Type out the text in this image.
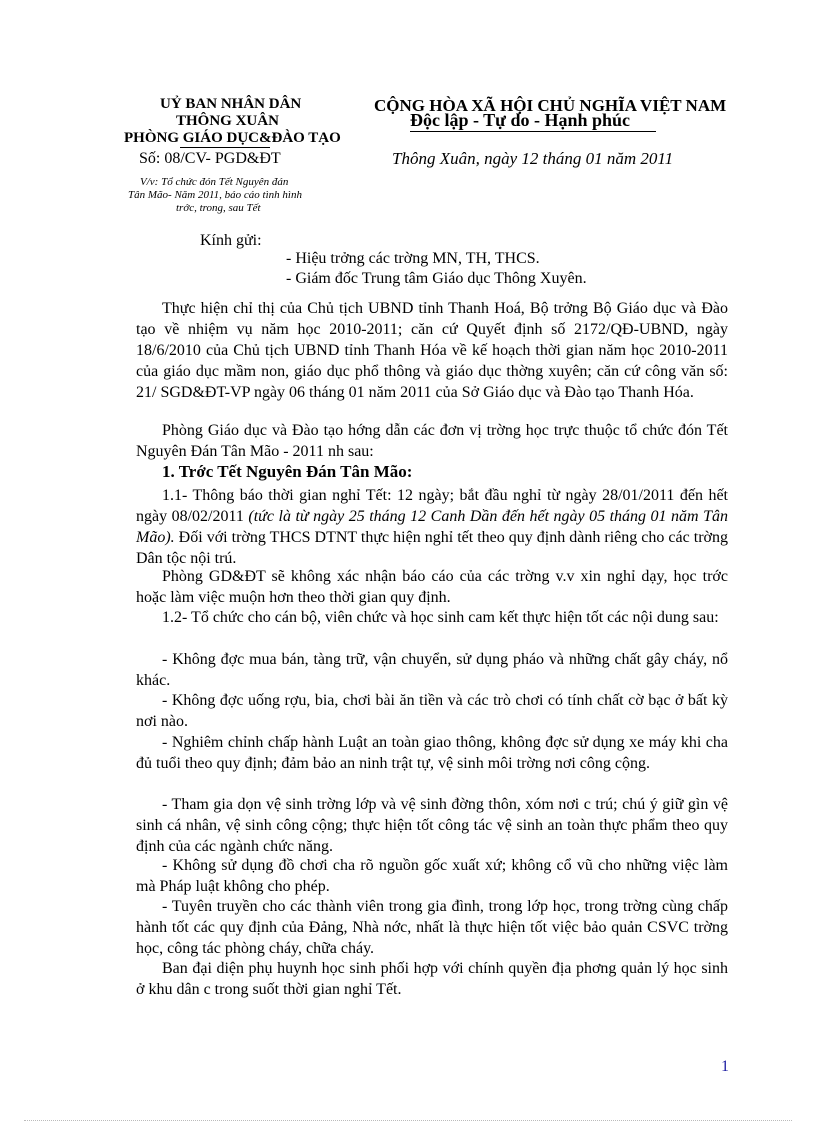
UỶ BAN NHÂN DÂN
THÔNG XUÂN
PHÒNG GIÁO DỤC&ĐÀO TẠO
Số: 08/CV- PGD&ĐT
V/v: Tổ chức đón Tết Nguyên đán
Tân Mão- Năm 2011, báo cáo tình hình
trớc, trong, sau Tết
CỘNG HÒA XÃ HỘI CHỦ NGHĨA VIỆT NAM
Độc lập - Tự do - Hạnh phúc
Thông Xuân, ngày 12 tháng 01 năm 2011
Kính gửi:
- Hiệu trởng các trờng MN, TH, THCS.
- Giám đốc Trung tâm Giáo dục Thông Xuyên.
Thực hiện chỉ thị của Chủ tịch UBND tỉnh Thanh Hoá, Bộ trởng Bộ Giáo dục và Đào tạo về nhiệm vụ năm học 2010-2011; căn cứ Quyết định số 2172/QĐ-UBND, ngày 18/6/2010 của Chủ tịch UBND tỉnh Thanh Hóa về kế hoạch thời gian năm học 2010-2011 của giáo dục mầm non, giáo dục phổ thông và giáo dục thờng xuyên; căn cứ công văn số: 21/ SGD&ĐT-VP ngày 06 tháng 01 năm 2011 của Sở Giáo dục và Đào tạo Thanh Hóa.
Phòng Giáo dục và Đào tạo hớng dẫn các đơn vị trờng học trực thuộc tổ chức đón Tết Nguyên Đán Tân Mão - 2011 nh sau:
1. Trớc Tết Nguyên Đán Tân Mão:
1.1- Thông báo thời gian nghỉ Tết: 12 ngày; bắt đầu nghỉ từ ngày 28/01/2011 đến hết ngày 08/02/2011 (tức là từ ngày 25 tháng 12 Canh Dần đến hết ngày 05 tháng 01 năm Tân Mão). Đối với trờng THCS DTNT thực hiện nghỉ tết theo quy định dành riêng cho các trờng Dân tộc nội trú.
Phòng GD&ĐT sẽ không xác nhận báo cáo của các trờng v.v xin nghỉ dạy, học trớc hoặc làm việc muộn hơn theo thời gian quy định.
1.2- Tổ chức cho cán bộ, viên chức và học sinh cam kết thực hiện tốt các nội dung sau:
- Không đợc mua bán, tàng trữ, vận chuyển, sử dụng pháo và những chất gây cháy, nổ khác.
- Không đợc uống rợu, bia, chơi bài ăn tiền và các trò chơi có tính chất cờ bạc ở bất kỳ nơi nào.
- Nghiêm chỉnh chấp hành Luật an toàn giao thông, không đợc sử dụng xe máy khi cha đủ tuổi theo quy định; đảm bảo an ninh trật tự, vệ sinh môi trờng nơi công cộng.
- Tham gia dọn vệ sinh trờng lớp và vệ sinh đờng thôn, xóm nơi c trú; chú ý giữ gìn vệ sinh cá nhân, vệ sinh công cộng; thực hiện tốt công tác vệ sinh an toàn thực phẩm theo quy định của các ngành chức năng.
- Không sử dụng đồ chơi cha rõ nguồn gốc xuất xứ; không cổ vũ cho những việc làm mà Pháp luật không cho phép.
- Tuyên truyền cho các thành viên trong gia đình, trong lớp học, trong trờng cùng chấp hành tốt các quy định của Đảng, Nhà nớc, nhất là thực hiện tốt việc bảo quản CSVC trờng học, công tác phòng cháy, chữa cháy.
Ban đại diện phụ huynh học sinh phối hợp với chính quyền địa phơng quản lý học sinh ở khu dân c trong suốt thời gian nghỉ Tết.
1
